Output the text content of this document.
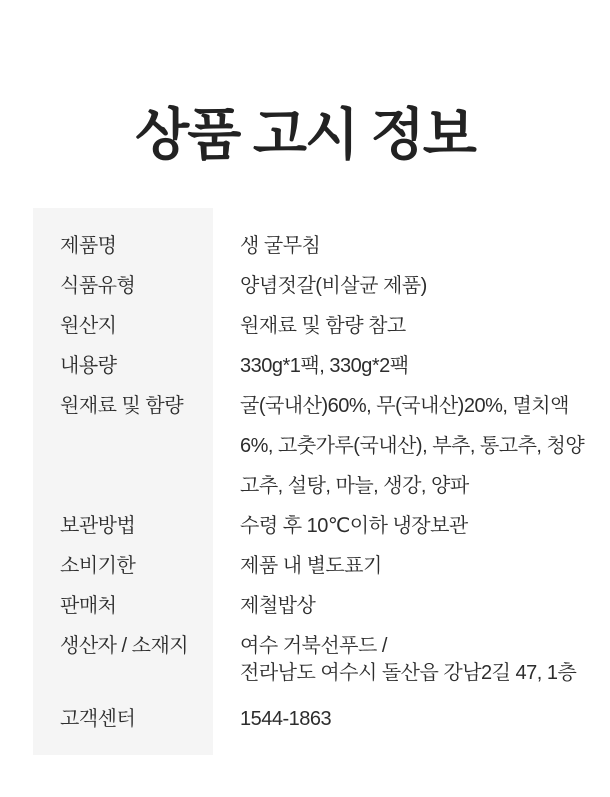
상품 고시 정보
제품명	생 굴무침
식품유형	양념젓갈(비살균 제품)
원산지	원재료 및 함량 참고
내용량	330g*1팩, 330g*2팩
원재료 및 함량	굴(국내산)60%, 무(국내산)20%, 멸치액
6%, 고춧가루(국내산), 부추, 통고추, 청양
고추, 설탕, 마늘, 생강, 양파
보관방법	수령 후 10℃이하 냉장보관
소비기한	제품 내 별도표기
판매처	제철밥상
생산자 / 소재지	여수 거북선푸드 /
전라남도 여수시 돌산읍 강남2길 47, 1층
고객센터	1544-1863
